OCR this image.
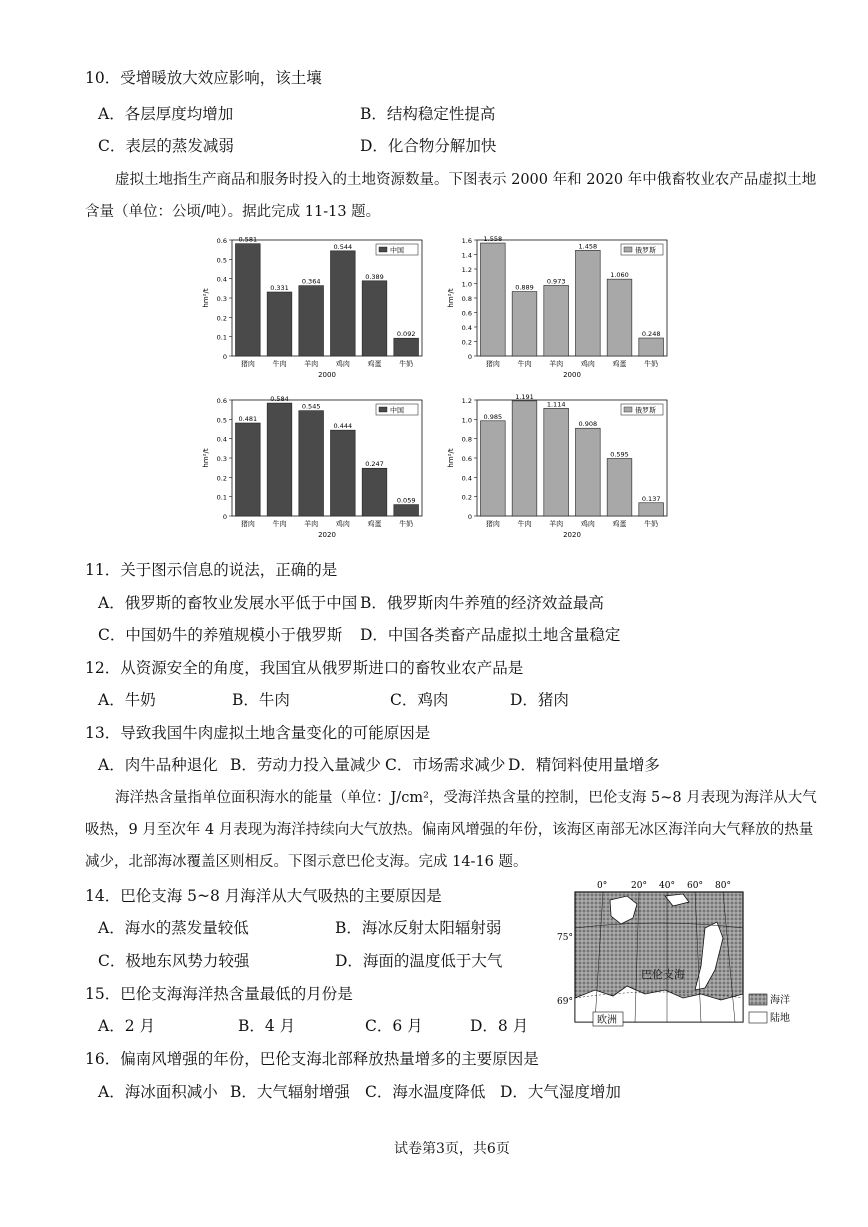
10．受增暖放大效应影响，该土壤
A．各层厚度均增加	B．结构稳定性提高
C．表层的蒸发减弱	D．化合物分解加快
虚拟土地指生产商品和服务时投入的土地资源数量。下图表示 2000 年和 2020 年中俄畜牧业农产品虚拟土地
含量（单位：公顷/吨）。据此完成 11-13 题。
0
0.1
0.2
0.3
0.4
0.5
0.6
hm²/t
0.581
猪肉
0.331
牛肉
0.364
羊肉
0.544
鸡肉
0.389
鸡蛋
0.092
牛奶
2000
中国
0
0.2
0.4
0.6
0.8
1.0
1.2
1.4
1.6
hm²/t
1.558
猪肉
0.889
牛肉
0.973
羊肉
1.458
鸡肉
1.060
鸡蛋
0.248
牛奶
2000
俄罗斯
0
0.1
0.2
0.3
0.4
0.5
0.6
hm²/t
0.481
猪肉
0.584
牛肉
0.545
羊肉
0.444
鸡肉
0.247
鸡蛋
0.059
牛奶
2020
中国
0
0.2
0.4
0.6
0.8
1.0
1.2
hm²/t
0.985
猪肉
1.191
牛肉
1.114
羊肉
0.908
鸡肉
0.595
鸡蛋
0.137
牛奶
2020
俄罗斯
11．关于图示信息的说法，正确的是
A．俄罗斯的畜牧业发展水平低于中国 B．俄罗斯肉牛养殖的经济效益最高
C．中国奶牛的养殖规模小于俄罗斯 D．中国各类畜产品虚拟土地含量稳定
12．从资源安全的角度，我国宜从俄罗斯进口的畜牧业农产品是
A．牛奶	B．牛肉	C．鸡肉	D．猪肉
13．导致我国牛肉虚拟土地含量变化的可能原因是
A．肉牛品种退化 B．劳动力投入量减少 C．市场需求减少 D．精饲料使用量增多
海洋热含量指单位面积海水的能量（单位：J/cm²，受海洋热含量的控制，巴伦支海 5~8 月表现为海洋从大气
吸热，9 月至次年 4 月表现为海洋持续向大气放热。偏南风增强的年份，该海区南部无冰区海洋向大气释放的热量
减少，北部海冰覆盖区则相反。下图示意巴伦支海。完成 14-16 题。
14．巴伦支海 5~8 月海洋从大气吸热的主要原因是
A．海水的蒸发量较低	B．海冰反射太阳辐射弱
C．极地东风势力较强	D．海面的温度低于大气
15．巴伦支海海洋热含量最低的月份是
A．2 月	B．4 月	C．6 月	D．8 月
16．偏南风增强的年份，巴伦支海北部释放热量增多的主要原因是
A．海冰面积减小 B．大气辐射增强 C．海水温度降低 D．大气湿度增加
0°	20° 40° 60° 80°
75°
69°
巴伦支海
欧洲
海洋
陆地
试卷第3页，共6页
